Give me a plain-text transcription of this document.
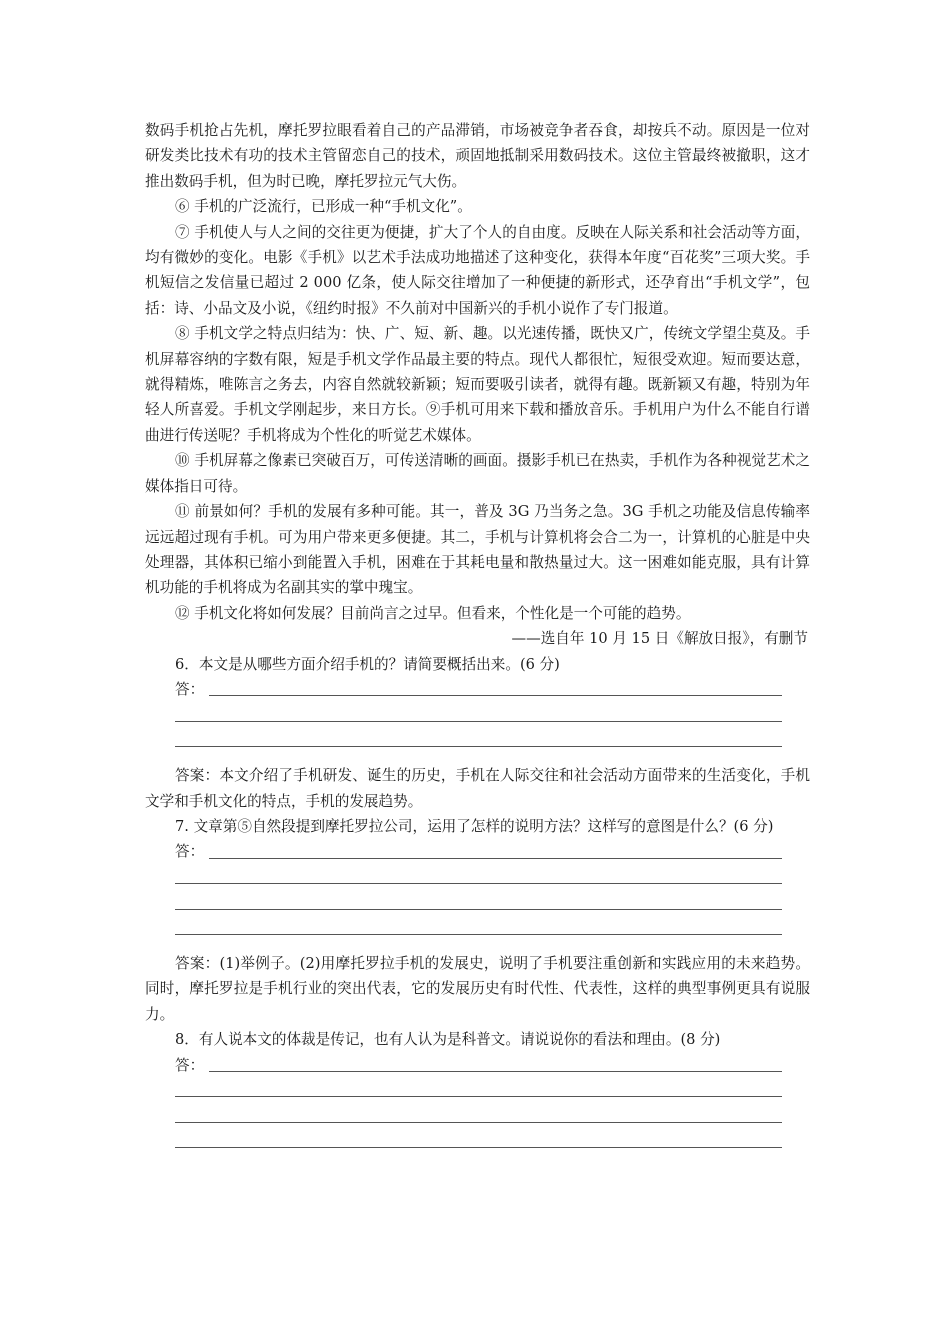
数码手机抢占先机，摩托罗拉眼看着自己的产品滞销，市场被竞争者吞食，却按兵不动。原因是一位对研发类比技术有功的技术主管留恋自己的技术，顽固地抵制采用数码技术。这位主管最终被撤职，这才推出数码手机，但为时已晚，摩托罗拉元气大伤。

⑥ 手机的广泛流行，已形成一种“手机文化”。

⑦ 手机使人与人之间的交往更为便捷，扩大了个人的自由度。反映在人际关系和社会活动等方面，均有微妙的变化。电影《手机》以艺术手法成功地描述了这种变化，获得本年度“百花奖”三项大奖。手机短信之发信量已超过 2 000 亿条，使人际交往增加了一种便捷的新形式，还孕育出“手机文学”，包括：诗、小品文及小说，《纽约时报》不久前对中国新兴的手机小说作了专门报道。

⑧ 手机文学之特点归结为：快、广、短、新、趣。以光速传播，既快又广，传统文学望尘莫及。手机屏幕容纳的字数有限，短是手机文学作品最主要的特点。现代人都很忙，短很受欢迎。短而要达意，就得精炼，唯陈言之务去，内容自然就较新颖；短而要吸引读者，就得有趣。既新颖又有趣，特别为年轻人所喜爱。手机文学刚起步，来日方长。⑨手机可用来下载和播放音乐。手机用户为什么不能自行谱曲进行传送呢？手机将成为个性化的听觉艺术媒体。

⑩ 手机屏幕之像素已突破百万，可传送清晰的画面。摄影手机已在热卖，手机作为各种视觉艺术之媒体指日可待。

⑪ 前景如何？手机的发展有多种可能。其一，普及 3G 乃当务之急。3G 手机之功能及信息传输率远远超过现有手机。可为用户带来更多便捷。其二，手机与计算机将会合二为一，计算机的心脏是中央处理器，其体积已缩小到能置入手机，困难在于其耗电量和散热量过大。这一困难如能克服，具有计算机功能的手机将成为名副其实的掌中瑰宝。

⑫ 手机文化将如何发展？目前尚言之过早。但看来，个性化是一个可能的趋势。

——选自年 10 月 15 日《解放日报》，有删节

6．本文是从哪些方面介绍手机的？请简要概括出来。(6 分)

答：

答案：本文介绍了手机研发、诞生的历史，手机在人际交往和社会活动方面带来的生活变化，手机文学和手机文化的特点，手机的发展趋势。

7. 文章第⑤自然段提到摩托罗拉公司，运用了怎样的说明方法？这样写的意图是什么？(6 分)

答：

答案：(1)举例子。(2)用摩托罗拉手机的发展史，说明了手机要注重创新和实践应用的未来趋势。同时，摩托罗拉是手机行业的突出代表，它的发展历史有时代性、代表性，这样的典型事例更具有说服力。

8．有人说本文的体裁是传记，也有人认为是科普文。请说说你的看法和理由。(8 分)

答：
